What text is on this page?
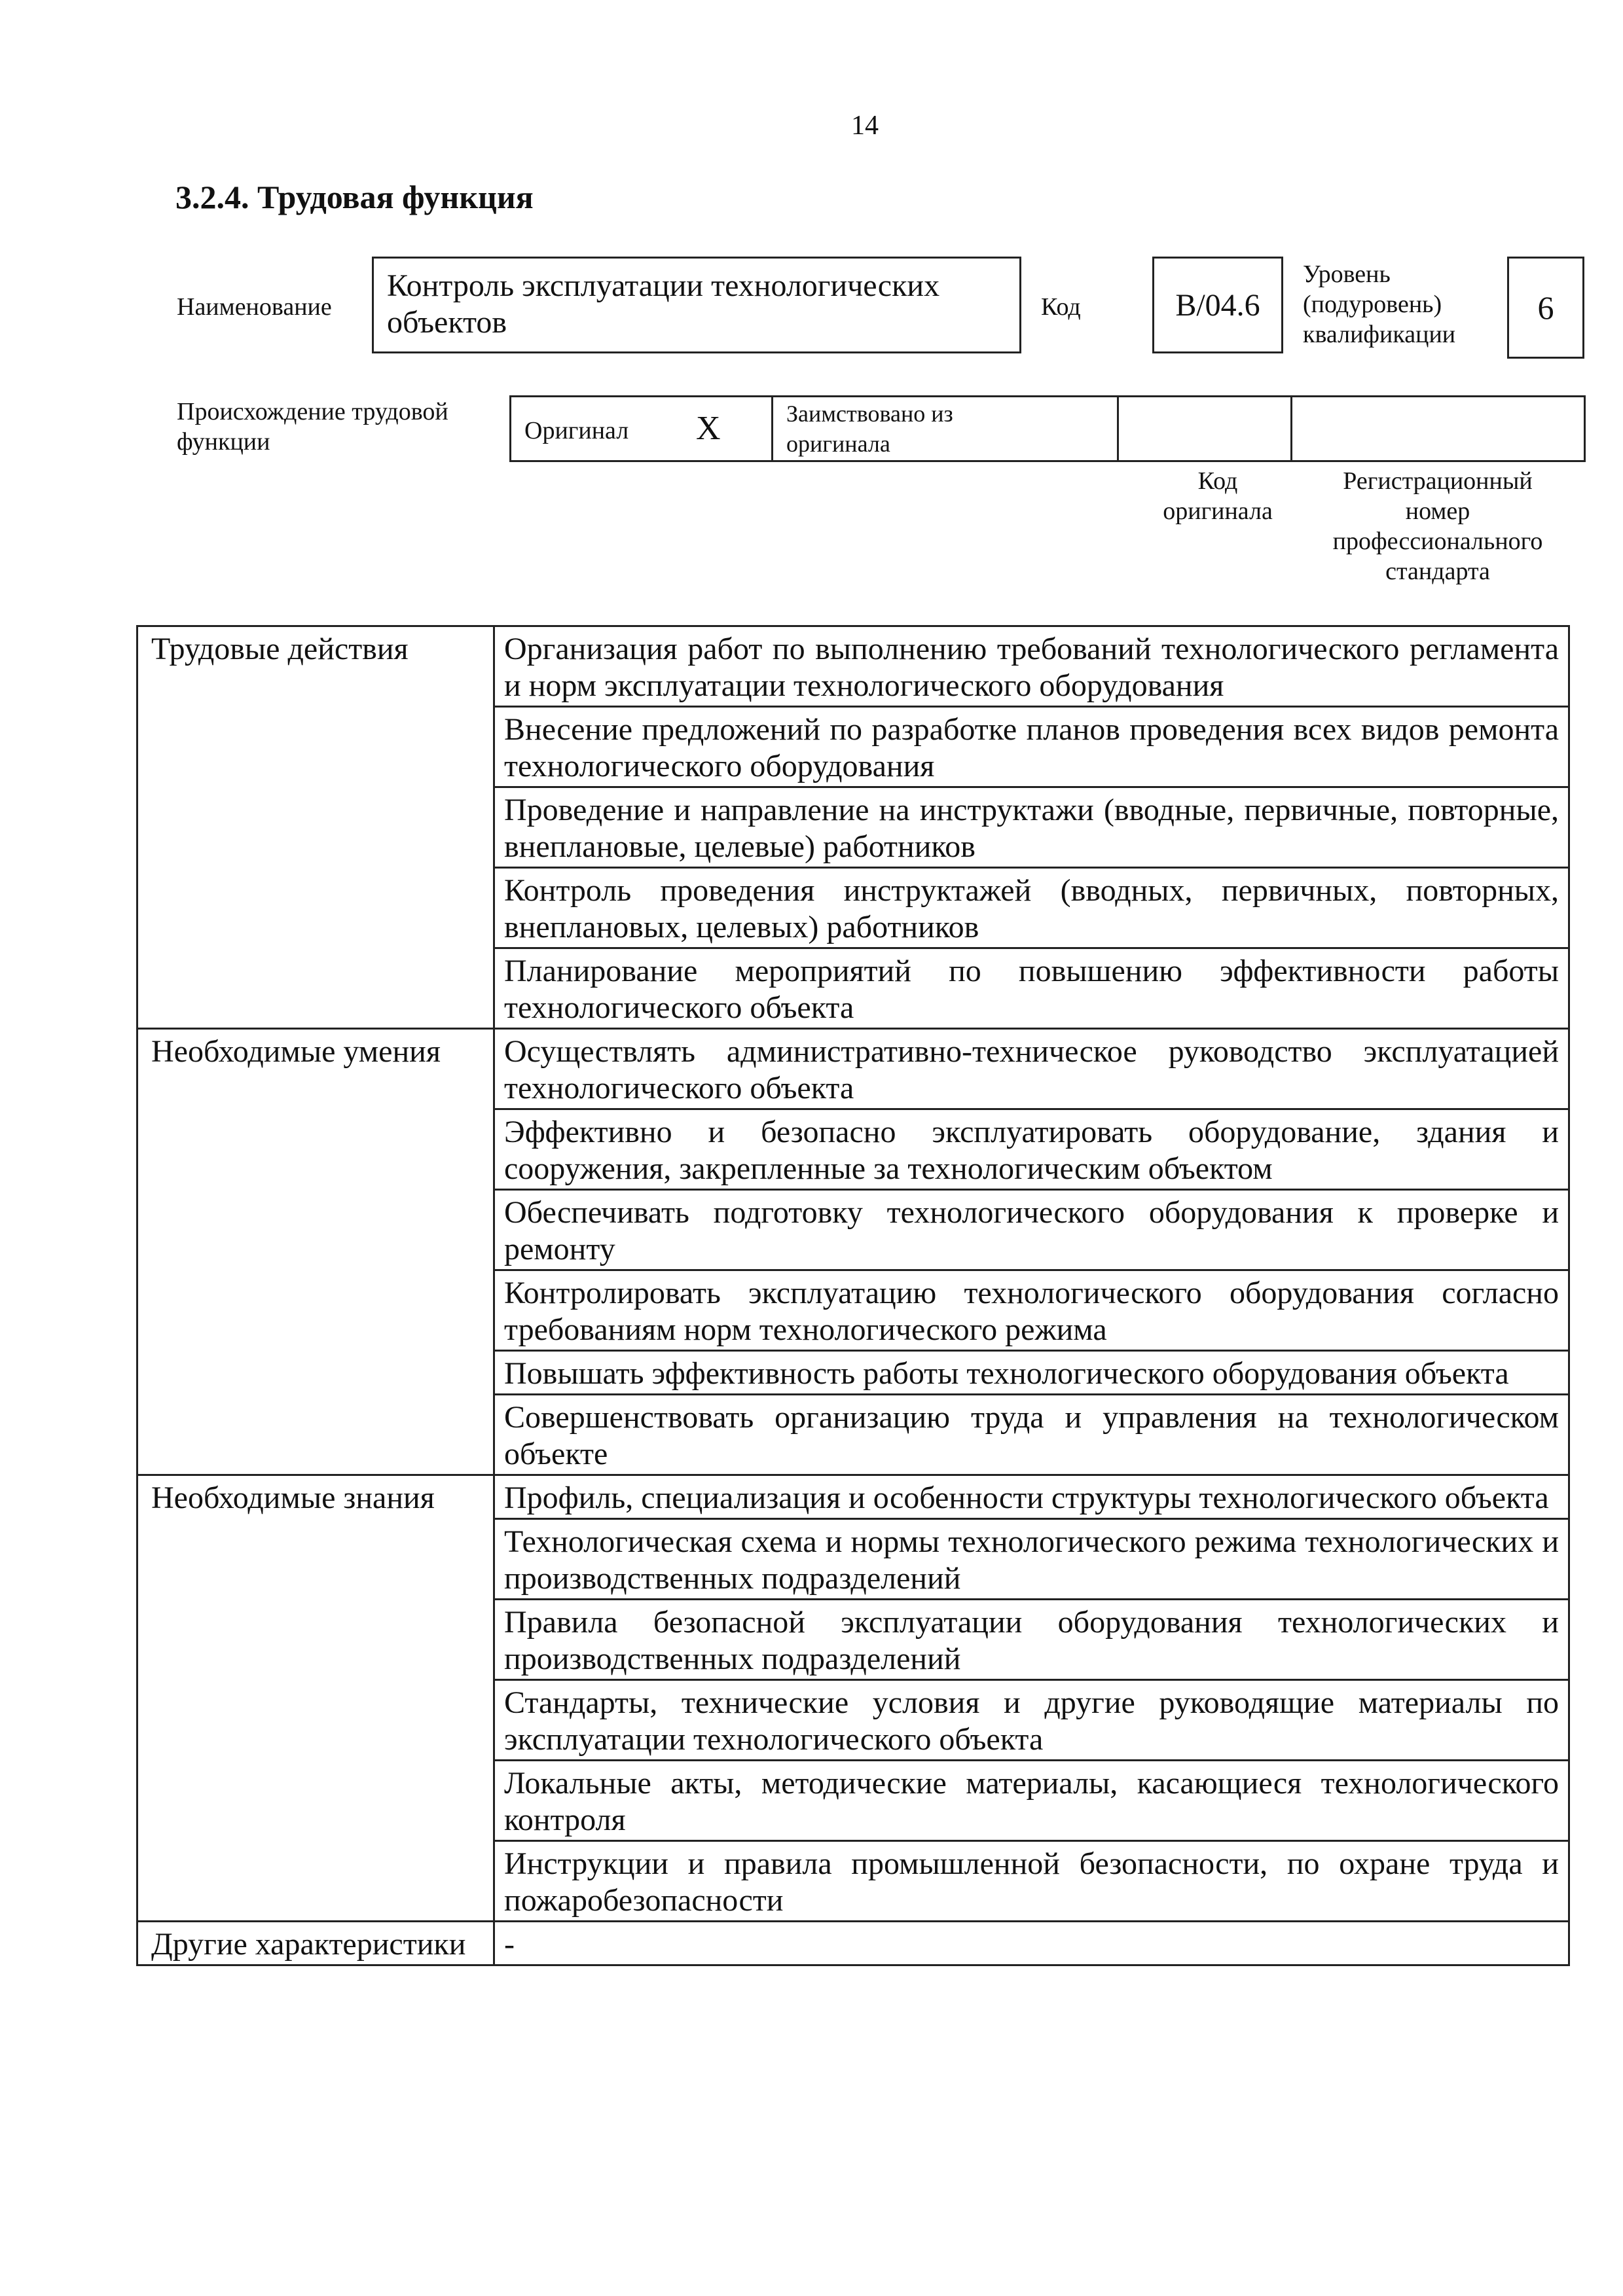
14
3.2.4. Трудовая функция
Наименование
Контроль эксплуатации технологических объектов	Код	B/04.6
Уровень
(подуровень)
квалификации
6
Происхождение трудовой
функции	Оригинал X	Заимствовано из
оригинала
Код
оригинала
Регистрационный
номер
профессионального
стандарта
Трудовые действия	Организация работ по выполнению требований технологического регламента и норм эксплуатации технологического оборудования
	Внесение предложений по разработке планов проведения всех видов ремонта технологического оборудования
	Проведение и направление на инструктажи (вводные, первичные, повторные, внеплановые, целевые) работников
	Контроль проведения инструктажей (вводных, первичных, повторных, внеплановых, целевых) работников
	Планирование мероприятий по повышению эффективности работы технологического объекта
Необходимые умения	Осуществлять административно-техническое руководство эксплуатацией технологического объекта
	Эффективно и безопасно эксплуатировать оборудование, здания и сооружения, закрепленные за технологическим объектом
	Обеспечивать подготовку технологического оборудования к проверке и ремонту
	Контролировать эксплуатацию технологического оборудования согласно требованиям норм технологического режима
	Повышать эффективность работы технологического оборудования объекта
	Совершенствовать организацию труда и управления на технологическом объекте
Необходимые знания	Профиль, специализация и особенности структуры технологического объекта
	Технологическая схема и нормы технологического режима технологических и производственных подразделений
	Правила безопасной эксплуатации оборудования технологических и производственных подразделений
	Стандарты, технические условия и другие руководящие материалы по эксплуатации технологического объекта
	Локальные акты, методические материалы, касающиеся технологического контроля
	Инструкции и правила промышленной безопасности, по охране труда и пожаробезопасности
Другие характеристики	-
